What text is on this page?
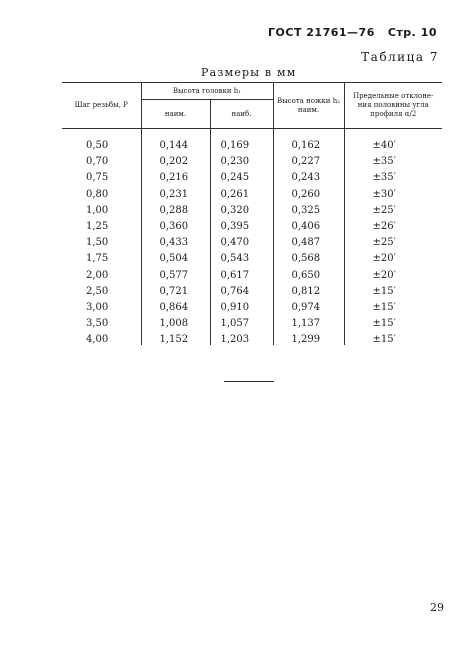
ГОСТ 21761—76 Стр. 10
Таблица 7
Размеры в мм
Шаг резьбы, P	Высота головки h₁		Высота ножки h₂ наим.	Предельные отклоне-ния половины угла профиля α/2
	наим.	наиб.		
0,50	0,144	0,169	0,162	±40′
0,70	0,202	0,230	0,227	±35′
0,75	0,216	0,245	0,243	±35′
0,80	0,231	0,261	0,260	±30′
1,00	0,288	0,320	0,325	±25′
1,25	0,360	0,395	0,406	±26′
1,50	0,433	0,470	0,487	±25′
1,75	0,504	0,543	0,568	±20′
2,00	0,577	0,617	0,650	±20′
2,50	0,721	0,764	0,812	±15′
3,00	0,864	0,910	0,974	±15′
3,50	1,008	1,057	1,137	±15′
4,00	1,152	1,203	1,299	±15′
29
